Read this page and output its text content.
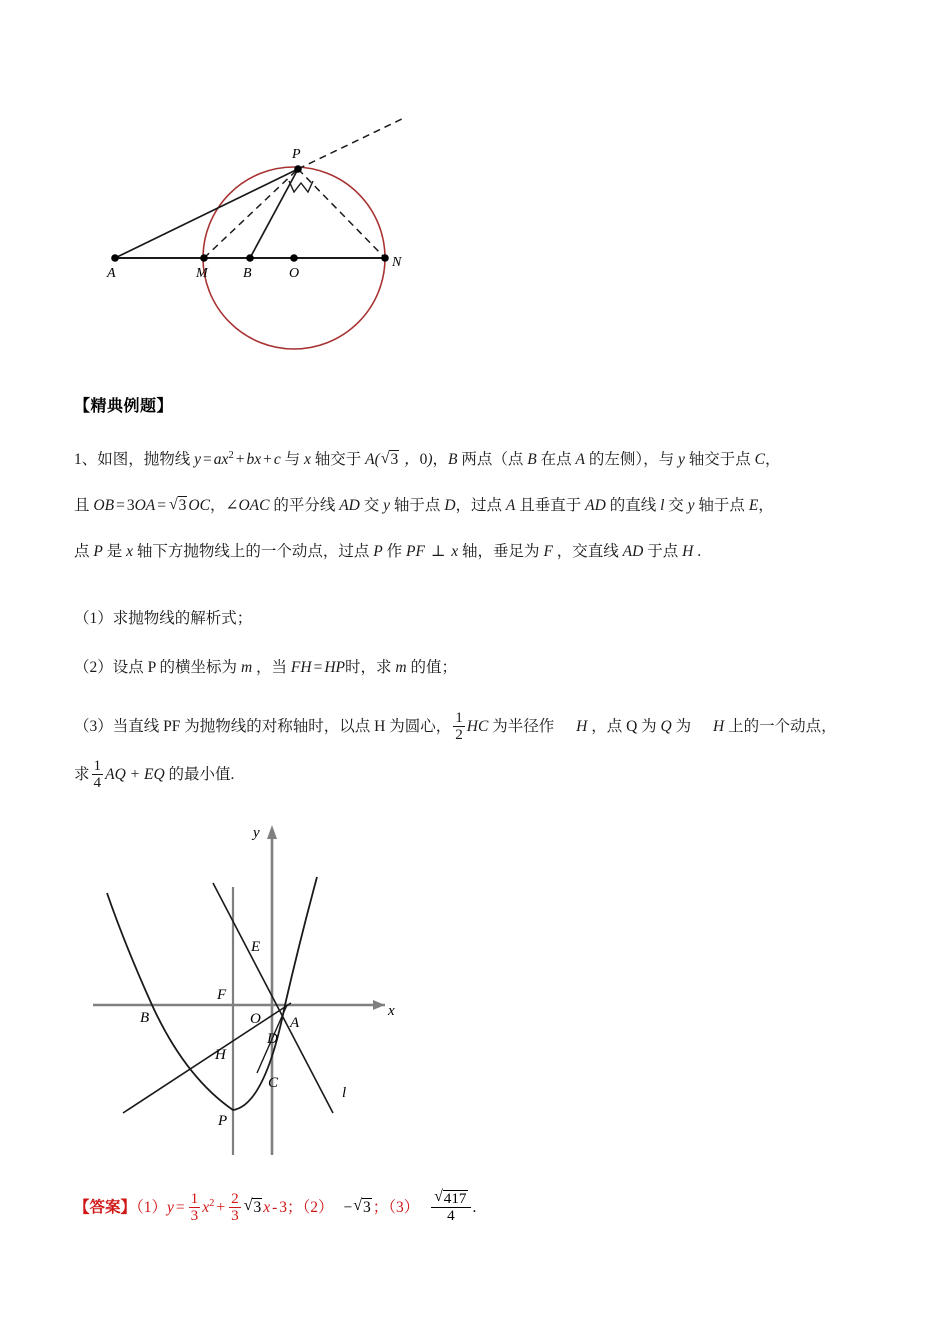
A	M	B	O
N
P
【精典例题】
1、如图，抛物线 $y = ax^2$ + bx + c 与 x 轴交于 A( √ 3 ，0)，B 两点（点 B 在点 A 的左侧），与 y 轴交于点 C，
且 OB = 3OA = √ 3 OC，∠OAC 的平分线 AD 交 y 轴于点 D，过点 A 且垂直于 AD 的直线 l 交 y 轴于点 E，
点 P 是 x 轴下方抛物线上的一个动点，过点 P 作 PF ⊥ x 轴，垂足为 F ，交直线 AD 于点 H .
（1）求抛物线的解析式；
（2）设点 P 的横坐标为 m ，当 FH = HP时，求 m 的值；
（3）当直线 PF 为抛物线的对称轴时，以点 H 为圆心， $\frac{1}{2}$ HC 为半径作 H ，点 Q 为 Q 为 H 上的一个动点，
求 $\frac{1}{4}$ AQ + EQ 的最小值.
y
x
B
F
O A
E
D
C
H
P
l
【答案】$(1)y = \frac{1}{3} x^2 + \frac{2}{3}$ √ 3 x - 3；（2） − √ 3 ；（3） √ $\frac{417}{4}$ .
